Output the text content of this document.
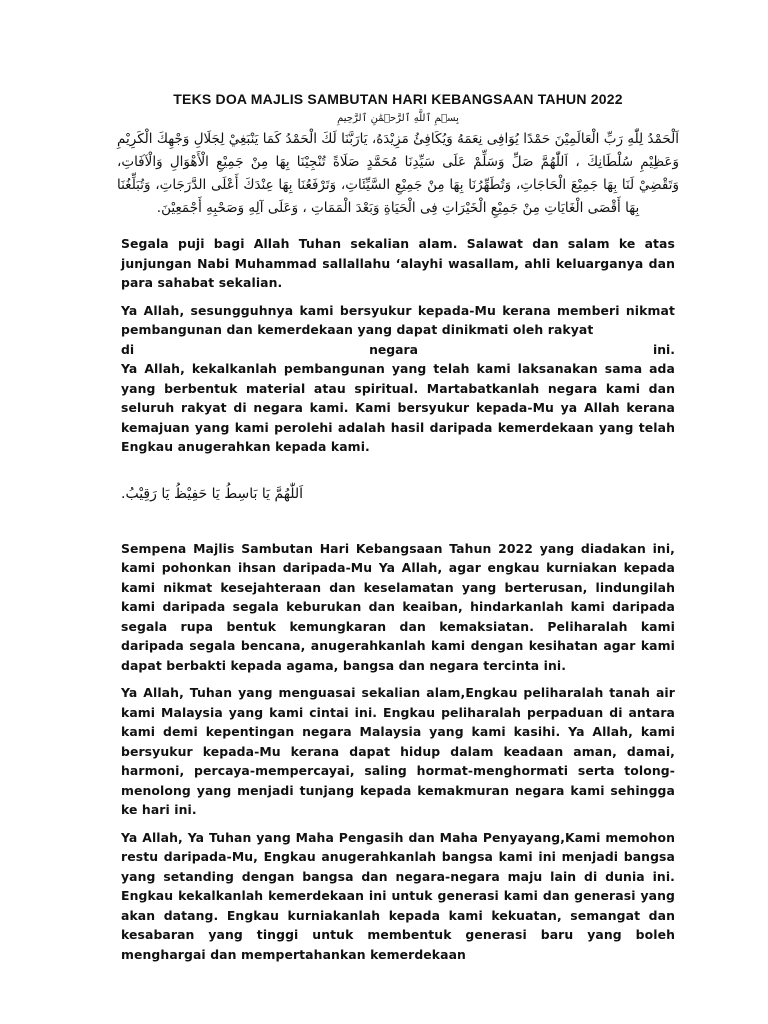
TEKS DOA MAJLIS SAMBUTAN HARI KEBANGSAAN TAHUN 2022
بِسۡمِ ٱللَّهِ ٱلرَّحۡمَٰنِ ٱلرَّحِيمِ
اَلْحَمْدُ لِلّٰهِ رَبِّ الْعَالَمِيْنَ حَمْدًا يُوَافِى نِعَمَهُ وَيُكَافِئُ مَزِيْدَهُ، يَارَبَّنَا لَكَ الْحَمْدُ كَمَا يَنْبَغِيْ لِجَلَالِ وَجْهِكَ الْكَرِيْمِ وَعَظِيْمِ سُلْطَانِكَ ، اَللّٰهُمَّ صَلِّ وَسَلِّمْ عَلَى سَيِّدِنَا مُحَمَّدٍ صَلَاةً تُنْجِيْنَا بِهَا مِنْ جَمِيْعِ الْأَهْوَالِ وَالْآفَاتِ، وَتَقْضِيْ لَنَا بِهَا جَمِيْعَ الْحَاجَاتِ، وَتُطَهِّرُنَا بِهَا مِنْ جَمِيْعِ السَّيِّئَاتِ، وَتَرْفَعُنَا بِهَا عِنْدَكَ أَعْلَى الدَّرَجَاتِ، وَتُبَلِّغُنَا بِهَا أَقْصَى الْغَايَاتِ مِنْ جَمِيْعِ الْخَيْرَاتِ فِى الْحَيَاةِ وَبَعْدَ الْمَمَاتِ ، وَعَلَى آلِهِ وَصَحْبِهِ أَجْمَعِيْنَ.
Segala puji bagi Allah Tuhan sekalian alam. Salawat dan salam ke atas junjungan Nabi Muhammad sallallahu ‘alayhi wasallam, ahli keluarganya dan para sahabat sekalian.
Ya Allah, sesungguhnya kami bersyukur kepada-Mu kerana memberi nikmat pembangunan dan kemerdekaan yang dapat dinikmati oleh rakyat
di	negara	ini.
Ya Allah, kekalkanlah pembangunan yang telah kami laksanakan sama ada yang berbentuk material atau spiritual. Martabatkanlah negara kami dan seluruh rakyat di negara kami. Kami bersyukur kepada-Mu ya Allah kerana kemajuan yang kami perolehi adalah hasil daripada kemerdekaan yang telah Engkau anugerahkan kepada kami.
اَللّٰهُمَّ يَا بَاسِطُ يَا حَفِيْظُ يَا رَقِيْبُ.
Sempena Majlis Sambutan Hari Kebangsaan Tahun 2022 yang diadakan ini, kami pohonkan ihsan daripada-Mu Ya Allah, agar engkau kurniakan kepada kami nikmat kesejahteraan dan keselamatan yang berterusan, lindungilah kami daripada segala keburukan dan keaiban, hindarkanlah kami daripada segala rupa bentuk kemungkaran dan kemaksiatan. Peliharalah kami daripada segala bencana, anugerahkanlah kami dengan kesihatan agar kami dapat berbakti kepada agama, bangsa dan negara tercinta ini.
Ya Allah, Tuhan yang menguasai sekalian alam,Engkau peliharalah tanah air kami Malaysia yang kami cintai ini. Engkau peliharalah perpaduan di antara kami demi kepentingan negara Malaysia yang kami kasihi. Ya Allah, kami bersyukur kepada-Mu kerana dapat hidup dalam keadaan aman, damai, harmoni, percaya-mempercayai, saling hormat-menghormati serta tolong-menolong yang menjadi tunjang kepada kemakmuran negara kami sehingga ke hari ini.
Ya Allah, Ya Tuhan yang Maha Pengasih dan Maha Penyayang,Kami memohon restu daripada-Mu, Engkau anugerahkanlah bangsa kami ini menjadi bangsa yang setanding dengan bangsa dan negara-negara maju lain di dunia ini. Engkau kekalkanlah kemerdekaan ini untuk generasi kami dan generasi yang akan datang. Engkau kurniakanlah kepada kami kekuatan, semangat dan kesabaran yang tinggi untuk membentuk generasi baru yang boleh menghargai dan mempertahankan kemerdekaan
